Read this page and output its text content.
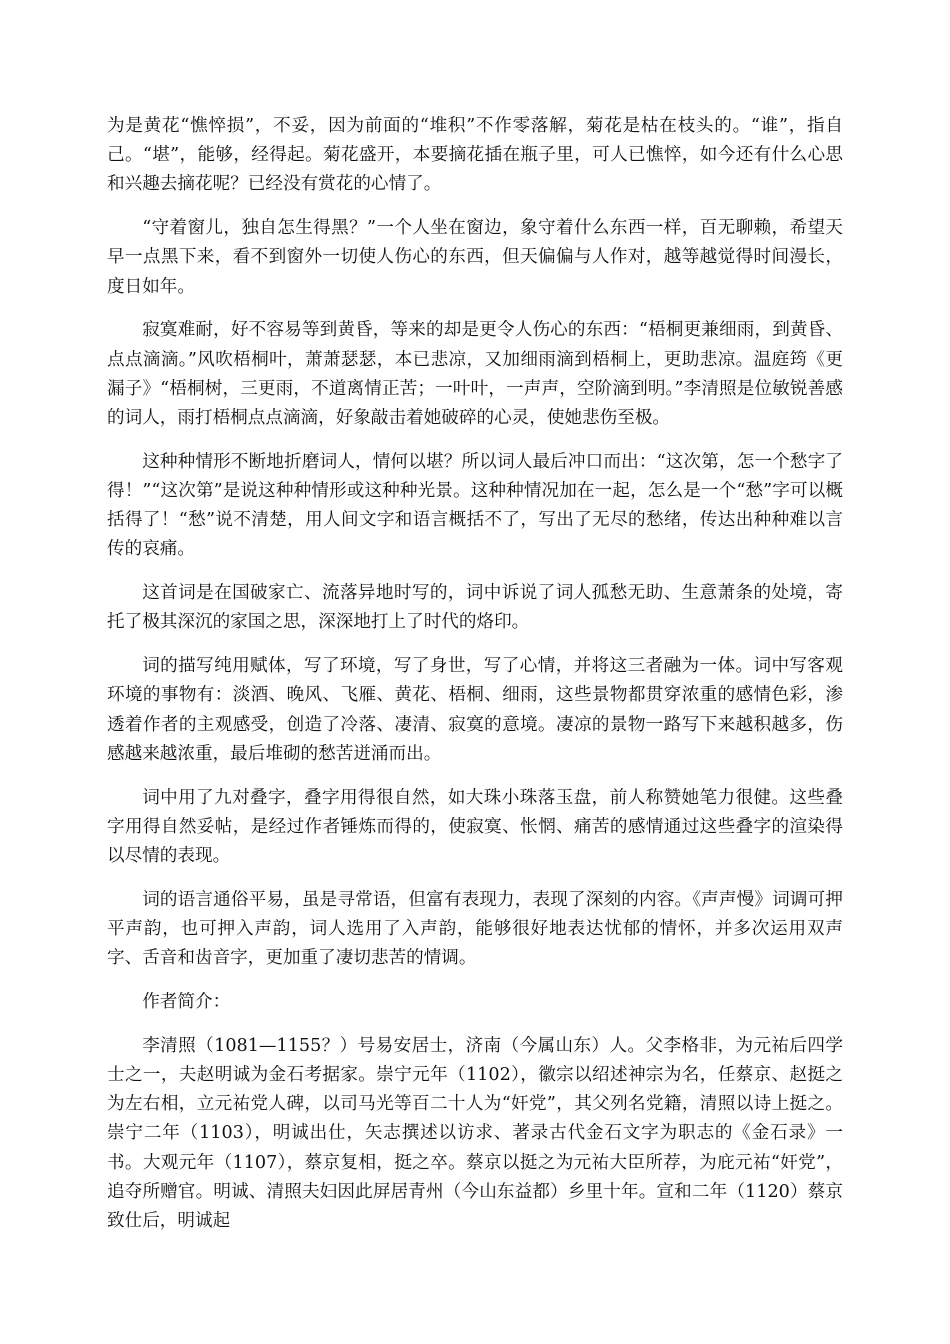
为是黄花“憔悴损”，不妥，因为前面的“堆积”不作零落解，菊花是枯在枝头的。“谁”，指自己。“堪”，能够，经得起。菊花盛开，本要摘花插在瓶子里，可人已憔悴，如今还有什么心思和兴趣去摘花呢？已经没有赏花的心情了。

“守着窗儿，独自怎生得黑？”一个人坐在窗边，象守着什么东西一样，百无聊赖，希望天早一点黑下来，看不到窗外一切使人伤心的东西，但天偏偏与人作对，越等越觉得时间漫长，度日如年。

寂寞难耐，好不容易等到黄昏，等来的却是更令人伤心的东西：“梧桐更兼细雨，到黄昏、点点滴滴。”风吹梧桐叶，萧萧瑟瑟，本已悲凉，又加细雨滴到梧桐上，更助悲凉。温庭筠《更漏子》“梧桐树，三更雨，不道离情正苦；一叶叶，一声声，空阶滴到明。”李清照是位敏锐善感的词人，雨打梧桐点点滴滴，好象敲击着她破碎的心灵，使她悲伤至极。

这种种情形不断地折磨词人，情何以堪？所以词人最后冲口而出：“这次第，怎一个愁字了得！”“这次第”是说这种种情形或这种种光景。这种种情况加在一起，怎么是一个“愁”字可以概括得了！“愁”说不清楚，用人间文字和语言概括不了，写出了无尽的愁绪，传达出种种难以言传的哀痛。

这首词是在国破家亡、流落异地时写的，词中诉说了词人孤愁无助、生意萧条的处境，寄托了极其深沉的家国之思，深深地打上了时代的烙印。

词的描写纯用赋体，写了环境，写了身世，写了心情，并将这三者融为一体。词中写客观环境的事物有：淡酒、晚风、飞雁、黄花、梧桐、细雨，这些景物都贯穿浓重的感情色彩，渗透着作者的主观感受，创造了冷落、凄清、寂寞的意境。凄凉的景物一路写下来越积越多，伤感越来越浓重，最后堆砌的愁苦迸涌而出。

词中用了九对叠字，叠字用得很自然，如大珠小珠落玉盘，前人称赞她笔力很健。这些叠字用得自然妥帖，是经过作者锤炼而得的，使寂寞、怅惘、痛苦的感情通过这些叠字的渲染得以尽情的表现。

词的语言通俗平易，虽是寻常语，但富有表现力，表现了深刻的内容。《声声慢》词调可押平声韵，也可押入声韵，词人选用了入声韵，能够很好地表达忧郁的情怀，并多次运用双声字、舌音和齿音字，更加重了凄切悲苦的情调。

作者简介：

李清照（1081—1155？）号易安居士，济南（今属山东）人。父李格非，为元祐后四学士之一，夫赵明诚为金石考据家。崇宁元年（1102），徽宗以绍述神宗为名，任蔡京、赵挺之为左右相，立元祐党人碑，以司马光等百二十人为“奸党”，其父列名党籍，清照以诗上挺之。崇宁二年（1103），明诚出仕，矢志撰述以访求、著录古代金石文字为职志的《金石录》一书。大观元年（1107），蔡京复相，挺之卒。蔡京以挺之为元祐大臣所荐，为庇元祐“奸党”，追夺所赠官。明诚、清照夫妇因此屏居青州（今山东益都）乡里十年。宣和二年（1120）蔡京致仕后，明诚起
